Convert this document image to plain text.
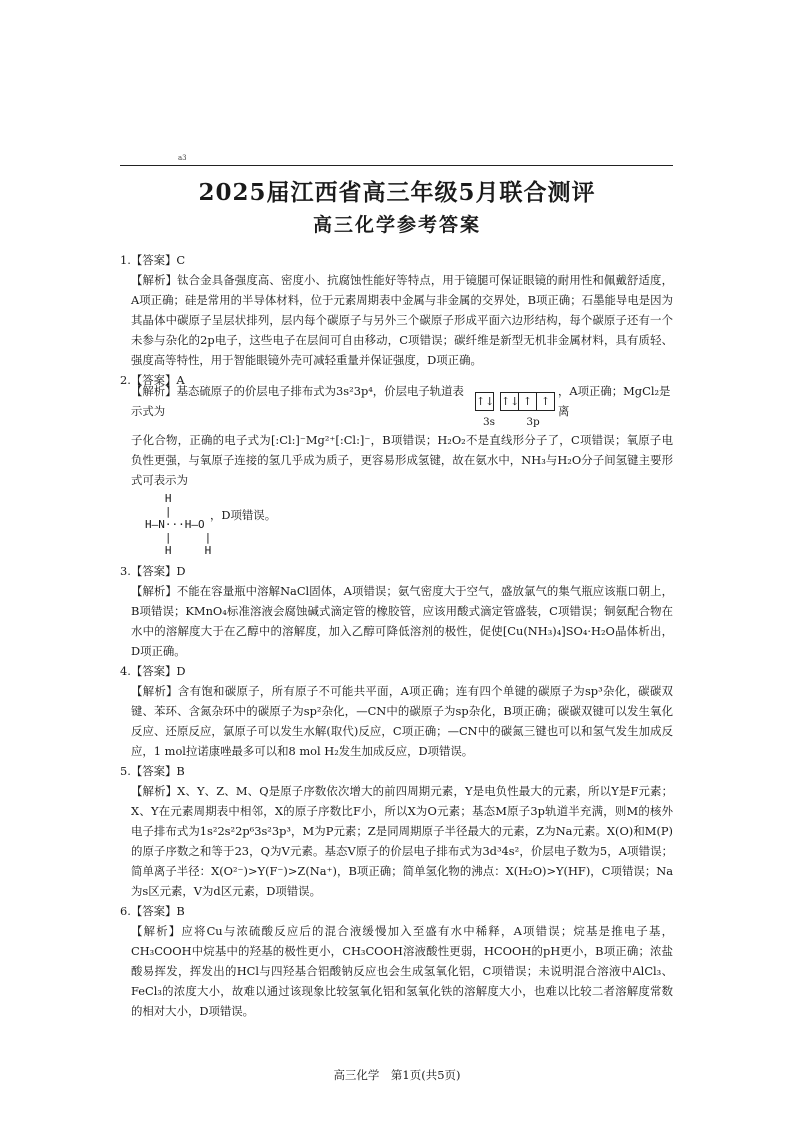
a3
2025届江西省高三年级5月联合测评
高三化学参考答案

1.【答案】C

【解析】钛合金具备强度高、密度小、抗腐蚀性能好等特点，用于镜腿可保证眼镜的耐用性和佩戴舒适度，A项正确；硅是常用的半导体材料，位于元素周期表中金属与非金属的交界处，B项正确；石墨能导电是因为其晶体中碳原子呈层状排列，层内每个碳原子与另外三个碳原子形成平面六边形结构，每个碳原子还有一个未参与杂化的2p电子，这些电子在层间可自由移动，C项错误；碳纤维是新型无机非金属材料，具有质轻、强度高等特性，用于智能眼镜外壳可减轻重量并保证强度，D项正确。

2.【答案】A

【解析】基态硫原子的价层电子排布式为3s²3p⁴，价层电子轨道表示式为
↑↓ ↑↓ ↑ ↑
，A项正确；MgCl₂是离
3s	3p

子化合物，正确的电子式为[:Cl:]⁻Mg²⁺[:Cl:]⁻，B项错误；H₂O₂不是直线形分子了，C项错误；氧原子电负性更强，与氧原子连接的氢几乎成为质子，更容易形成氢键，故在氨水中，NH₃与H₂O分子间氢键主要形式可表示为

H
|
H—N···H—O
|     |
H     H

，D项错误。

3.【答案】D

【解析】不能在容量瓶中溶解NaCl固体，A项错误；氨气密度大于空气，盛放氯气的集气瓶应该瓶口朝上，B项错误；KMnO₄标准溶液会腐蚀碱式滴定管的橡胶管，应该用酸式滴定管盛装，C项错误；铜氨配合物在水中的溶解度大于在乙醇中的溶解度，加入乙醇可降低溶剂的极性，促使[Cu(NH₃)₄]SO₄·H₂O晶体析出，D项正确。

4.【答案】D

【解析】含有饱和碳原子，所有原子不可能共平面，A项正确；连有四个单键的碳原子为sp³杂化，碳碳双键、苯环、含氮杂环中的碳原子为sp²杂化，—CN中的碳原子为sp杂化，B项正确；碳碳双键可以发生氧化反应、还原反应，氯原子可以发生水解(取代)反应，C项正确；—CN中的碳氮三键也可以和氢气发生加成反应，1 mol拉诺康唑最多可以和8 mol H₂发生加成反应，D项错误。

5.【答案】B

【解析】X、Y、Z、M、Q是原子序数依次增大的前四周期元素，Y是电负性最大的元素，所以Y是F元素；X、Y在元素周期表中相邻，X的原子序数比F小，所以X为O元素；基态M原子3p轨道半充满，则M的核外电子排布式为1s²2s²2p⁶3s²3p³，M为P元素；Z是同周期原子半径最大的元素，Z为Na元素。X(O)和M(P)的原子序数之和等于23，Q为V元素。基态V原子的价层电子排布式为3d³4s²，价层电子数为5，A项错误；简单离子半径：X(O²⁻)>Y(F⁻)>Z(Na⁺)，B项正确；简单氢化物的沸点：X(H₂O)>Y(HF)，C项错误；Na为s区元素，V为d区元素，D项错误。

6.【答案】B

【解析】应将Cu与浓硫酸反应后的混合液缓慢加入至盛有水中稀释，A项错误；烷基是推电子基，CH₃COOH中烷基中的羟基的极性更小，CH₃COOH溶液酸性更弱，HCOOH的pH更小，B项正确；浓盐酸易挥发，挥发出的HCl与四羟基合铝酸钠反应也会生成氢氧化铝，C项错误；未说明混合溶液中AlCl₃、FeCl₃的浓度大小，故难以通过该现象比较氢氧化铝和氢氧化铁的溶解度大小，也难以比较二者溶解度常数的相对大小，D项错误。

高三化学　第1页(共5页)
